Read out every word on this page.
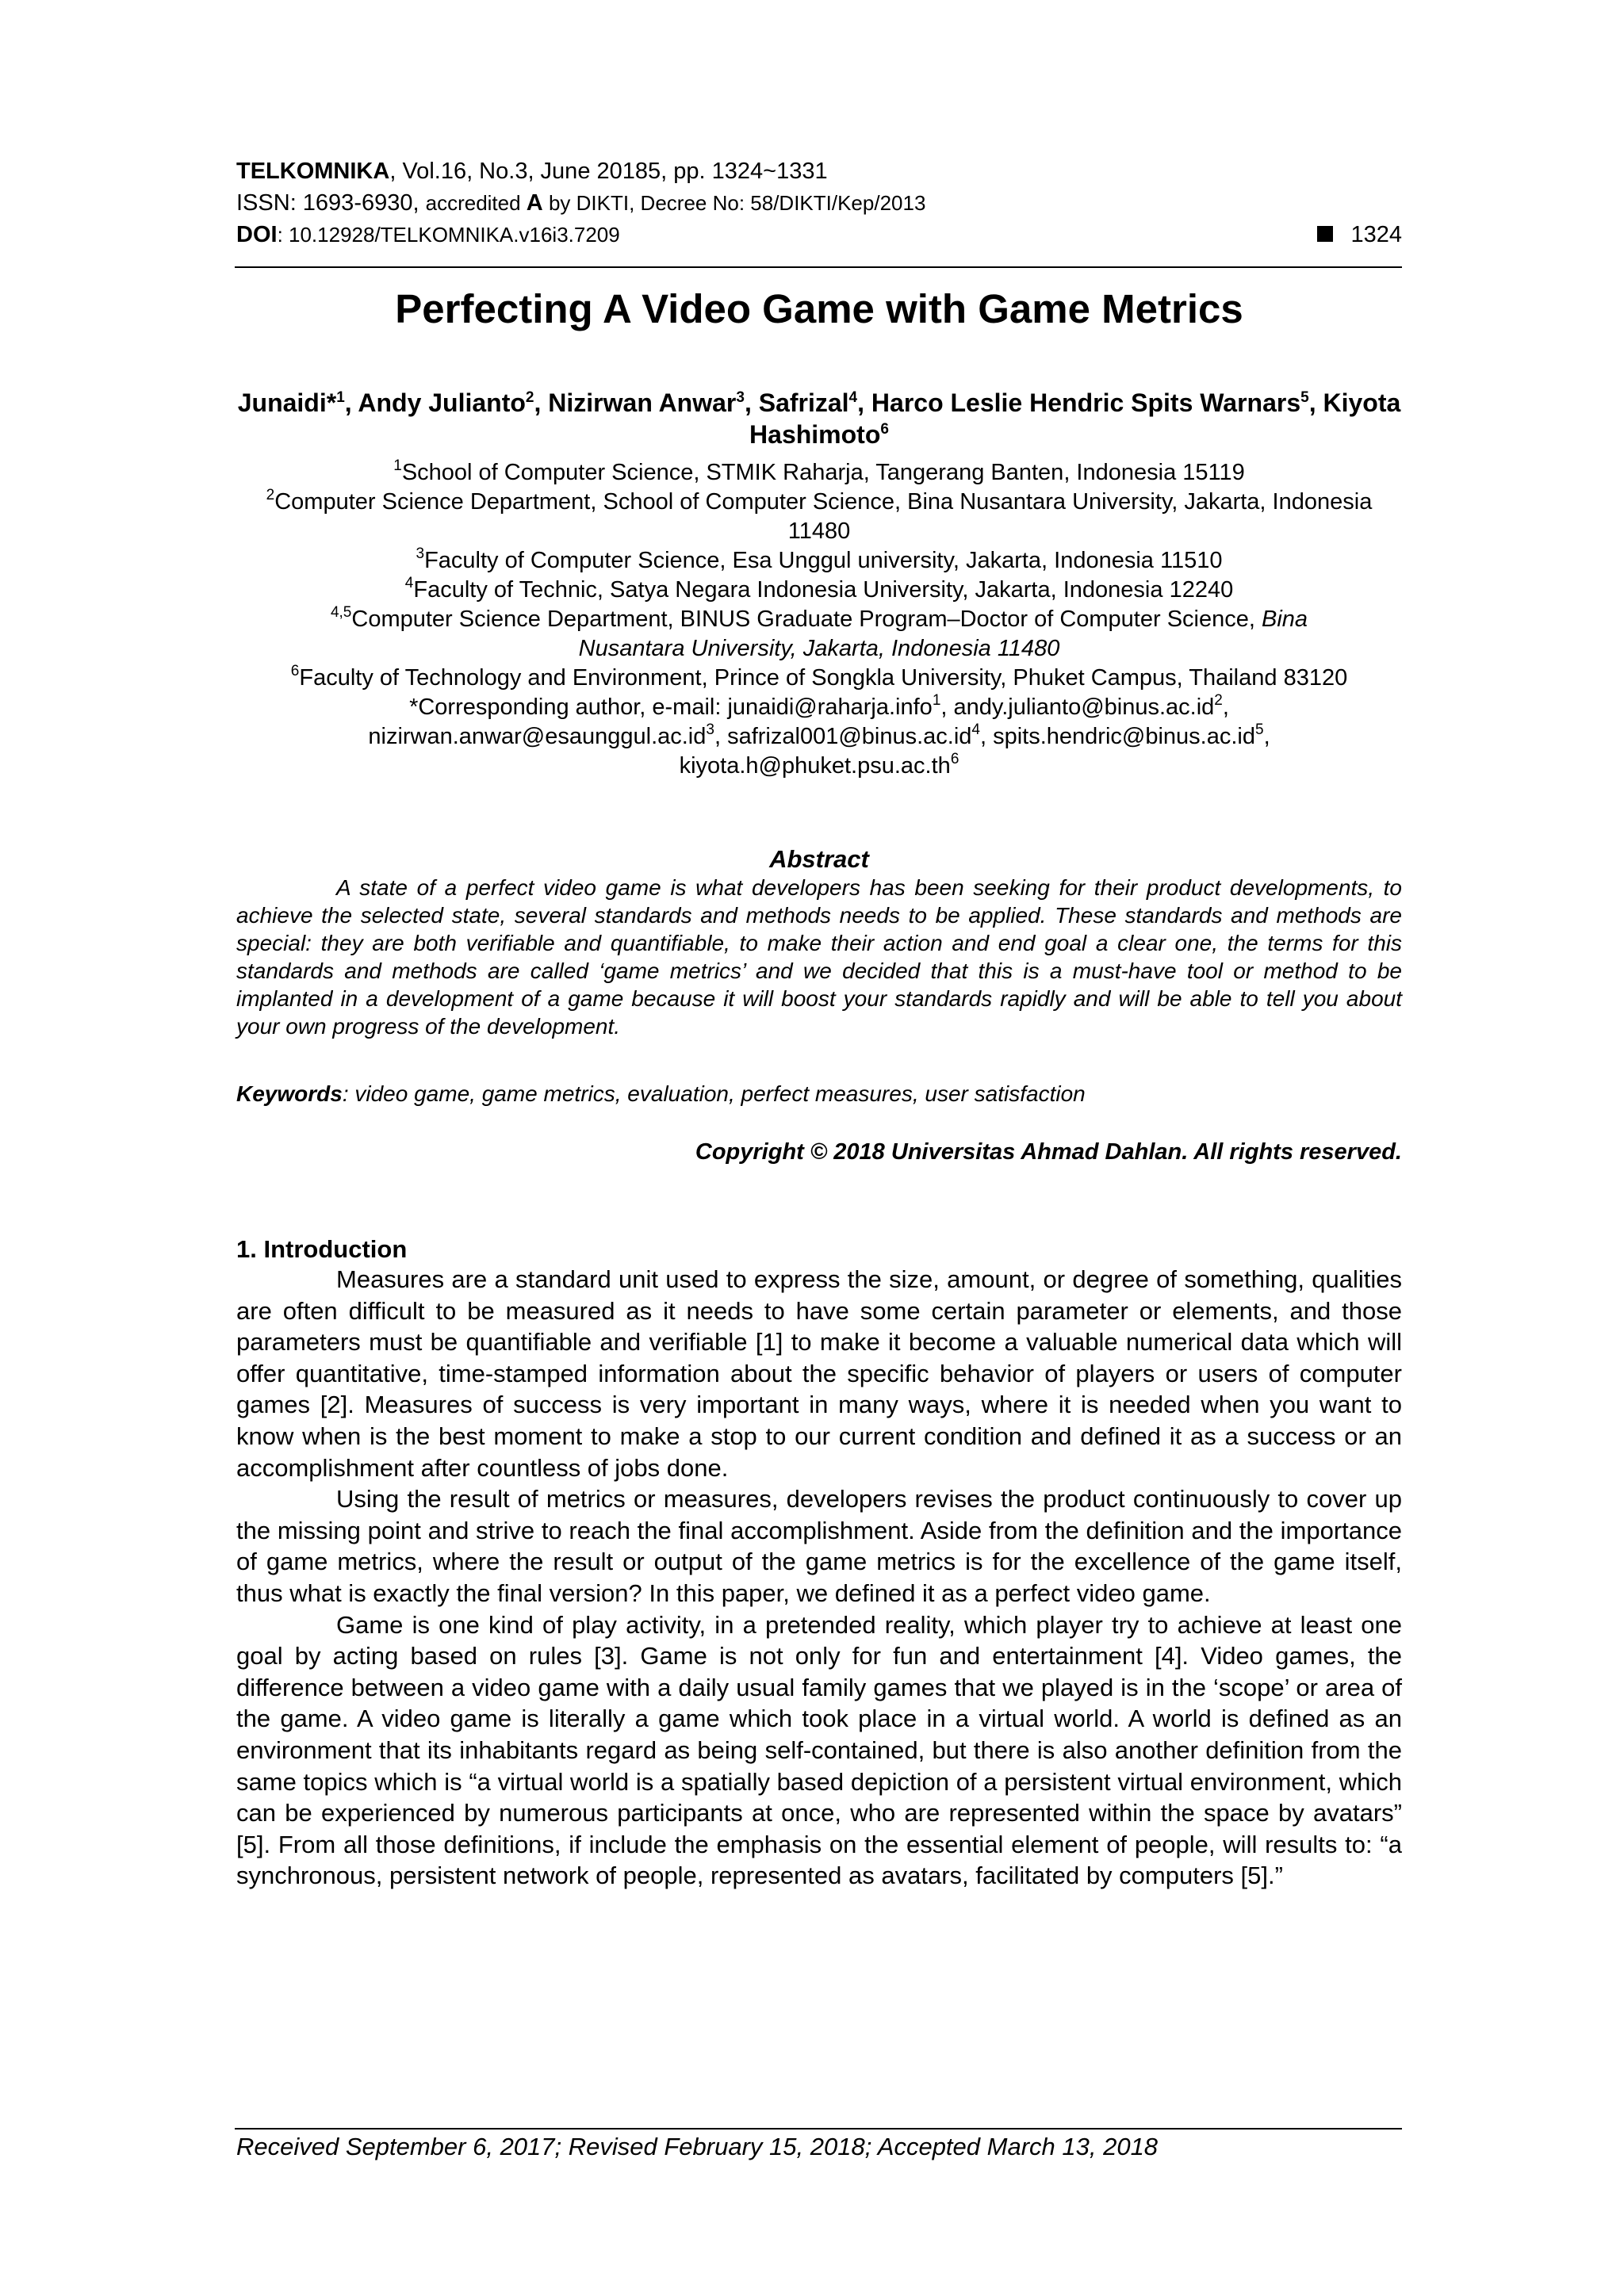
TELKOMNIKA, Vol.16, No.3, June 20185, pp. 1324~1331
ISSN: 1693-6930, accredited A by DIKTI, Decree No: 58/DIKTI/Kep/2013
DOI: 10.12928/TELKOMNIKA.v16i3.7209	1324
Perfecting A Video Game with Game Metrics
Junaidi*$^1$, Andy Julianto$^2$, Nizirwan Anwar$^3$, Safrizal$^4$, Harco Leslie Hendric Spits Warnars$^5$, Kiyota Hashimoto$^6$
$^1$School of Computer Science, STMIK Raharja, Tangerang Banten, Indonesia 15119
$^2$Computer Science Department, School of Computer Science, Bina Nusantara University, Jakarta, Indonesia 11480
$^3$Faculty of Computer Science, Esa Unggul university, Jakarta, Indonesia 11510
$^4$Faculty of Technic, Satya Negara Indonesia University, Jakarta, Indonesia 12240
$^{4,5}$Computer Science Department, BINUS Graduate Program–Doctor of Computer Science, Bina Nusantara University, Jakarta, Indonesia 11480
$^6$Faculty of Technology and Environment, Prince of Songkla University, Phuket Campus, Thailand 83120
*Corresponding author, e-mail: junaidi@raharja.info$^1$, $andy.julianto@binus.ac.id^2$, $nizirwan.anwar@esaunggul.ac.id^3$, $safrizal001@binus.ac.id^4$, $spits.hendric@binus.ac.id^5$, $kiyota.h@phuket.psu.ac.th^6$
Abstract
A state of a perfect video game is what developers has been seeking for their product developments, to achieve the selected state, several standards and methods needs to be applied. These standards and methods are special: they are both verifiable and quantifiable, to make their action and end goal a clear one, the terms for this standards and methods are called ‘game metrics’ and we decided that this is a must-have tool or method to be implanted in a development of a game because it will boost your standards rapidly and will be able to tell you about your own progress of the development.
Keywords: video game, game metrics, evaluation, perfect measures, user satisfaction
Copyright © 2018 Universitas Ahmad Dahlan. All rights reserved.
1. Introduction

Measures are a standard unit used to express the size, amount, or degree of something, qualities are often difficult to be measured as it needs to have some certain parameter or elements, and those parameters must be quantifiable and verifiable [1] to make it become a valuable numerical data which will offer quantitative, time-stamped information about the specific behavior of players or users of computer games [2]. Measures of success is very important in many ways, where it is needed when you want to know when is the best moment to make a stop to our current condition and defined it as a success or an accomplishment after countless of jobs done.

Using the result of metrics or measures, developers revises the product continuously to cover up the missing point and strive to reach the final accomplishment. Aside from the definition and the importance of game metrics, where the result or output of the game metrics is for the excellence of the game itself, thus what is exactly the final version? In this paper, we defined it as a perfect video game.

Game is one kind of play activity, in a pretended reality, which player try to achieve at least one goal by acting based on rules [3]. Game is not only for fun and entertainment [4]. Video games, the difference between a video game with a daily usual family games that we played is in the ‘scope’ or area of the game. A video game is literally a game which took place in a virtual world. A world is defined as an environment that its inhabitants regard as being self-contained, but there is also another definition from the same topics which is “a virtual world is a spatially based depiction of a persistent virtual environment, which can be experienced by numerous participants at once, who are represented within the space by avatars” [5]. From all those definitions, if include the emphasis on the essential element of people, will results to: “a synchronous, persistent network of people, represented as avatars, facilitated by computers [5].”

Received September 6, 2017; Revised February 15, 2018; Accepted March 13, 2018
